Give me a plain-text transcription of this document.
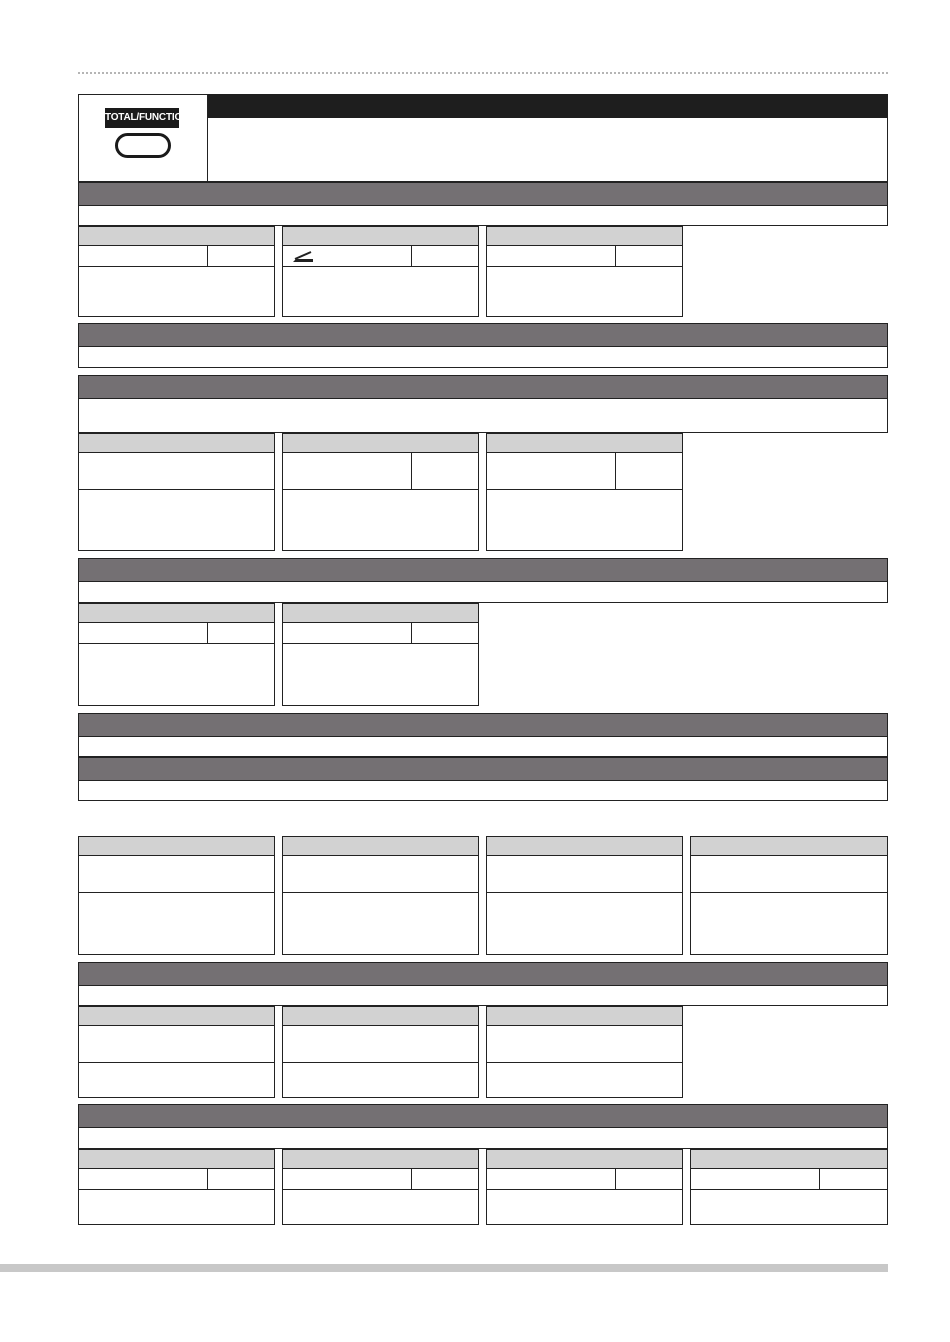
TOTAL/FUNCTION
